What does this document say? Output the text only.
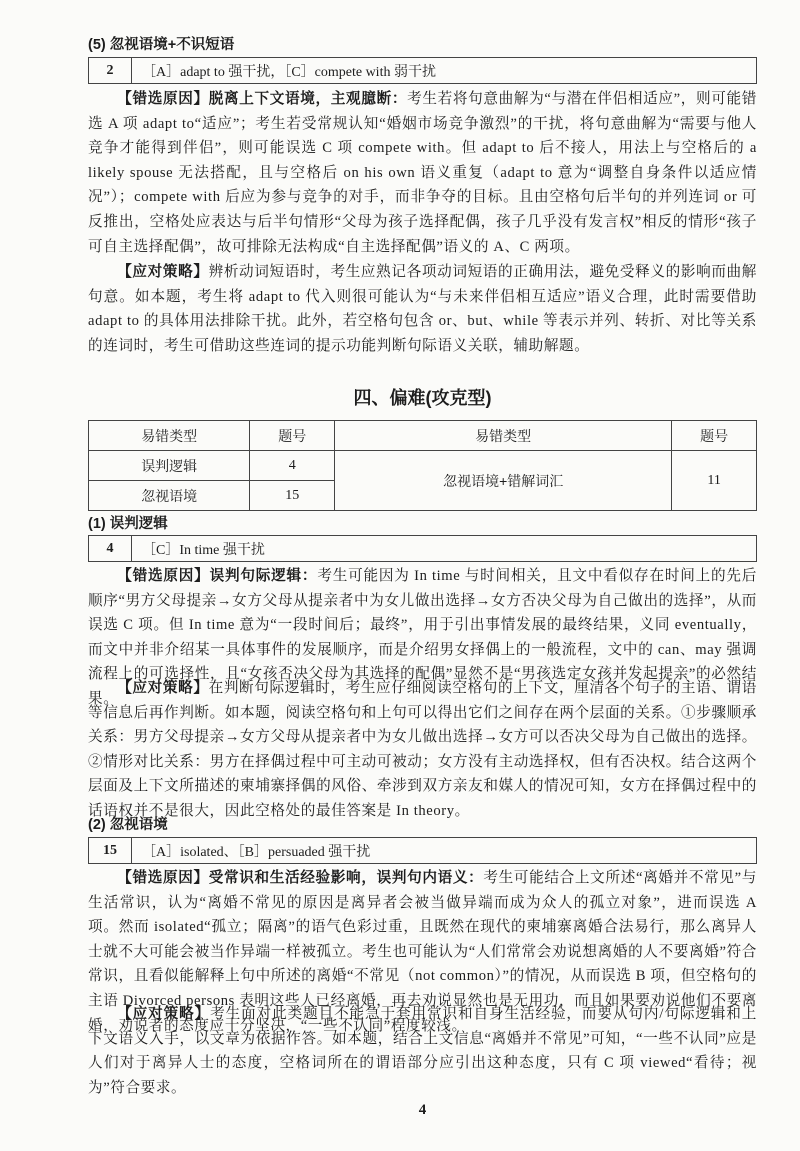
(5) 忽视语境+不识短语
2	［A］adapt to 强干扰，［C］compete with 弱干扰
【错选原因】脱离上下文语境，主观臆断：考生若将句意曲解为“与潜在伴侣相适应”，则可能错选 A 项 adapt to“适应”；考生若受常规认知“婚姻市场竞争激烈”的干扰，将句意曲解为“需要与他人竞争才能得到伴侣”，则可能误选 C 项 compete with。但 adapt to 后不接人，用法上与空格后的 a likely spouse 无法搭配，且与空格后 on his own 语义重复（adapt to 意为“调整自身条件以适应情况”）；compete with 后应为参与竞争的对手，而非争夺的目标。且由空格句后半句的并列连词 or 可反推出，空格处应表达与后半句情形“父母为孩子选择配偶，孩子几乎没有发言权”相反的情形“孩子可自主选择配偶”，故可排除无法构成“自主选择配偶”语义的 A、C 两项。
【应对策略】辨析动词短语时，考生应熟记各项动词短语的正确用法，避免受释义的影响而曲解句意。如本题，考生将 adapt to 代入则很可能认为“与未来伴侣相互适应”语义合理，此时需要借助 adapt to 的具体用法排除干扰。此外，若空格句包含 or、but、while 等表示并列、转折、对比等关系的连词时，考生可借助这些连词的提示功能判断句际语义关联，辅助解题。
四、偏难(攻克型)
易错类型	题号	易错类型	题号
误判逻辑	4	忽视语境+错解词汇	11
忽视语境	15		
(1) 误判逻辑
4	［C］In time 强干扰
【错选原因】误判句际逻辑：考生可能因为 In time 与时间相关，且文中看似存在时间上的先后顺序“男方父母提亲→女方父母从提亲者中为女儿做出选择→女方否决父母为自己做出的选择”，从而误选 C 项。但 In time 意为“一段时间后；最终”，用于引出事情发展的最终结果，义同 eventually，而文中并非介绍某一具体事件的发展顺序，而是介绍男女择偶上的一般流程，文中的 can、may 强调流程上的可选择性，且“女孩否决父母为其选择的配偶”显然不是“男孩选定女孩并发起提亲”的必然结果。
【应对策略】在判断句际逻辑时，考生应仔细阅读空格句的上下文，厘清各个句子的主语、谓语等信息后再作判断。如本题，阅读空格句和上句可以得出它们之间存在两个层面的关系。①步骤顺承关系：男方父母提亲→女方父母从提亲者中为女儿做出选择→女方可以否决父母为自己做出的选择。②情形对比关系：男方在择偶过程中可主动可被动；女方没有主动选择权，但有否决权。结合这两个层面及上下文所描述的柬埔寨择偶的风俗、牵涉到双方亲友和媒人的情况可知，女方在择偶过程中的话语权并不是很大，因此空格处的最佳答案是 In theory。
(2) 忽视语境
15	［A］isolated、［B］persuaded 强干扰
【错选原因】受常识和生活经验影响，误判句内语义：考生可能结合上文所述“离婚并不常见”与生活常识，认为“离婚不常见的原因是离异者会被当做异端而成为众人的孤立对象”，进而误选 A 项。然而 isolated“孤立；隔离”的语气色彩过重，且既然在现代的柬埔寨离婚合法易行，那么离异人士就不大可能会被当作异端一样被孤立。考生也可能认为“人们常常会劝说想离婚的人不要离婚”符合常识，且看似能解释上句中所述的离婚“不常见（not common）”的情况，从而误选 B 项，但空格句的主语 Divorced persons 表明这些人已经离婚，再去劝说显然也是无用功，而且如果要劝说他们不要离婚，劝说者的态度应十分坚决，“一些不认同”程度较浅。
【应对策略】考生面对此类题目不能急于套用常识和自身生活经验，而要从句内/句际逻辑和上下文语义入手，以文章为依据作答。如本题，结合上文信息“离婚并不常见”可知，“一些不认同”应是人们对于离异人士的态度，空格词所在的谓语部分应引出这种态度，只有 C 项 viewed“看待；视为”符合要求。
4
